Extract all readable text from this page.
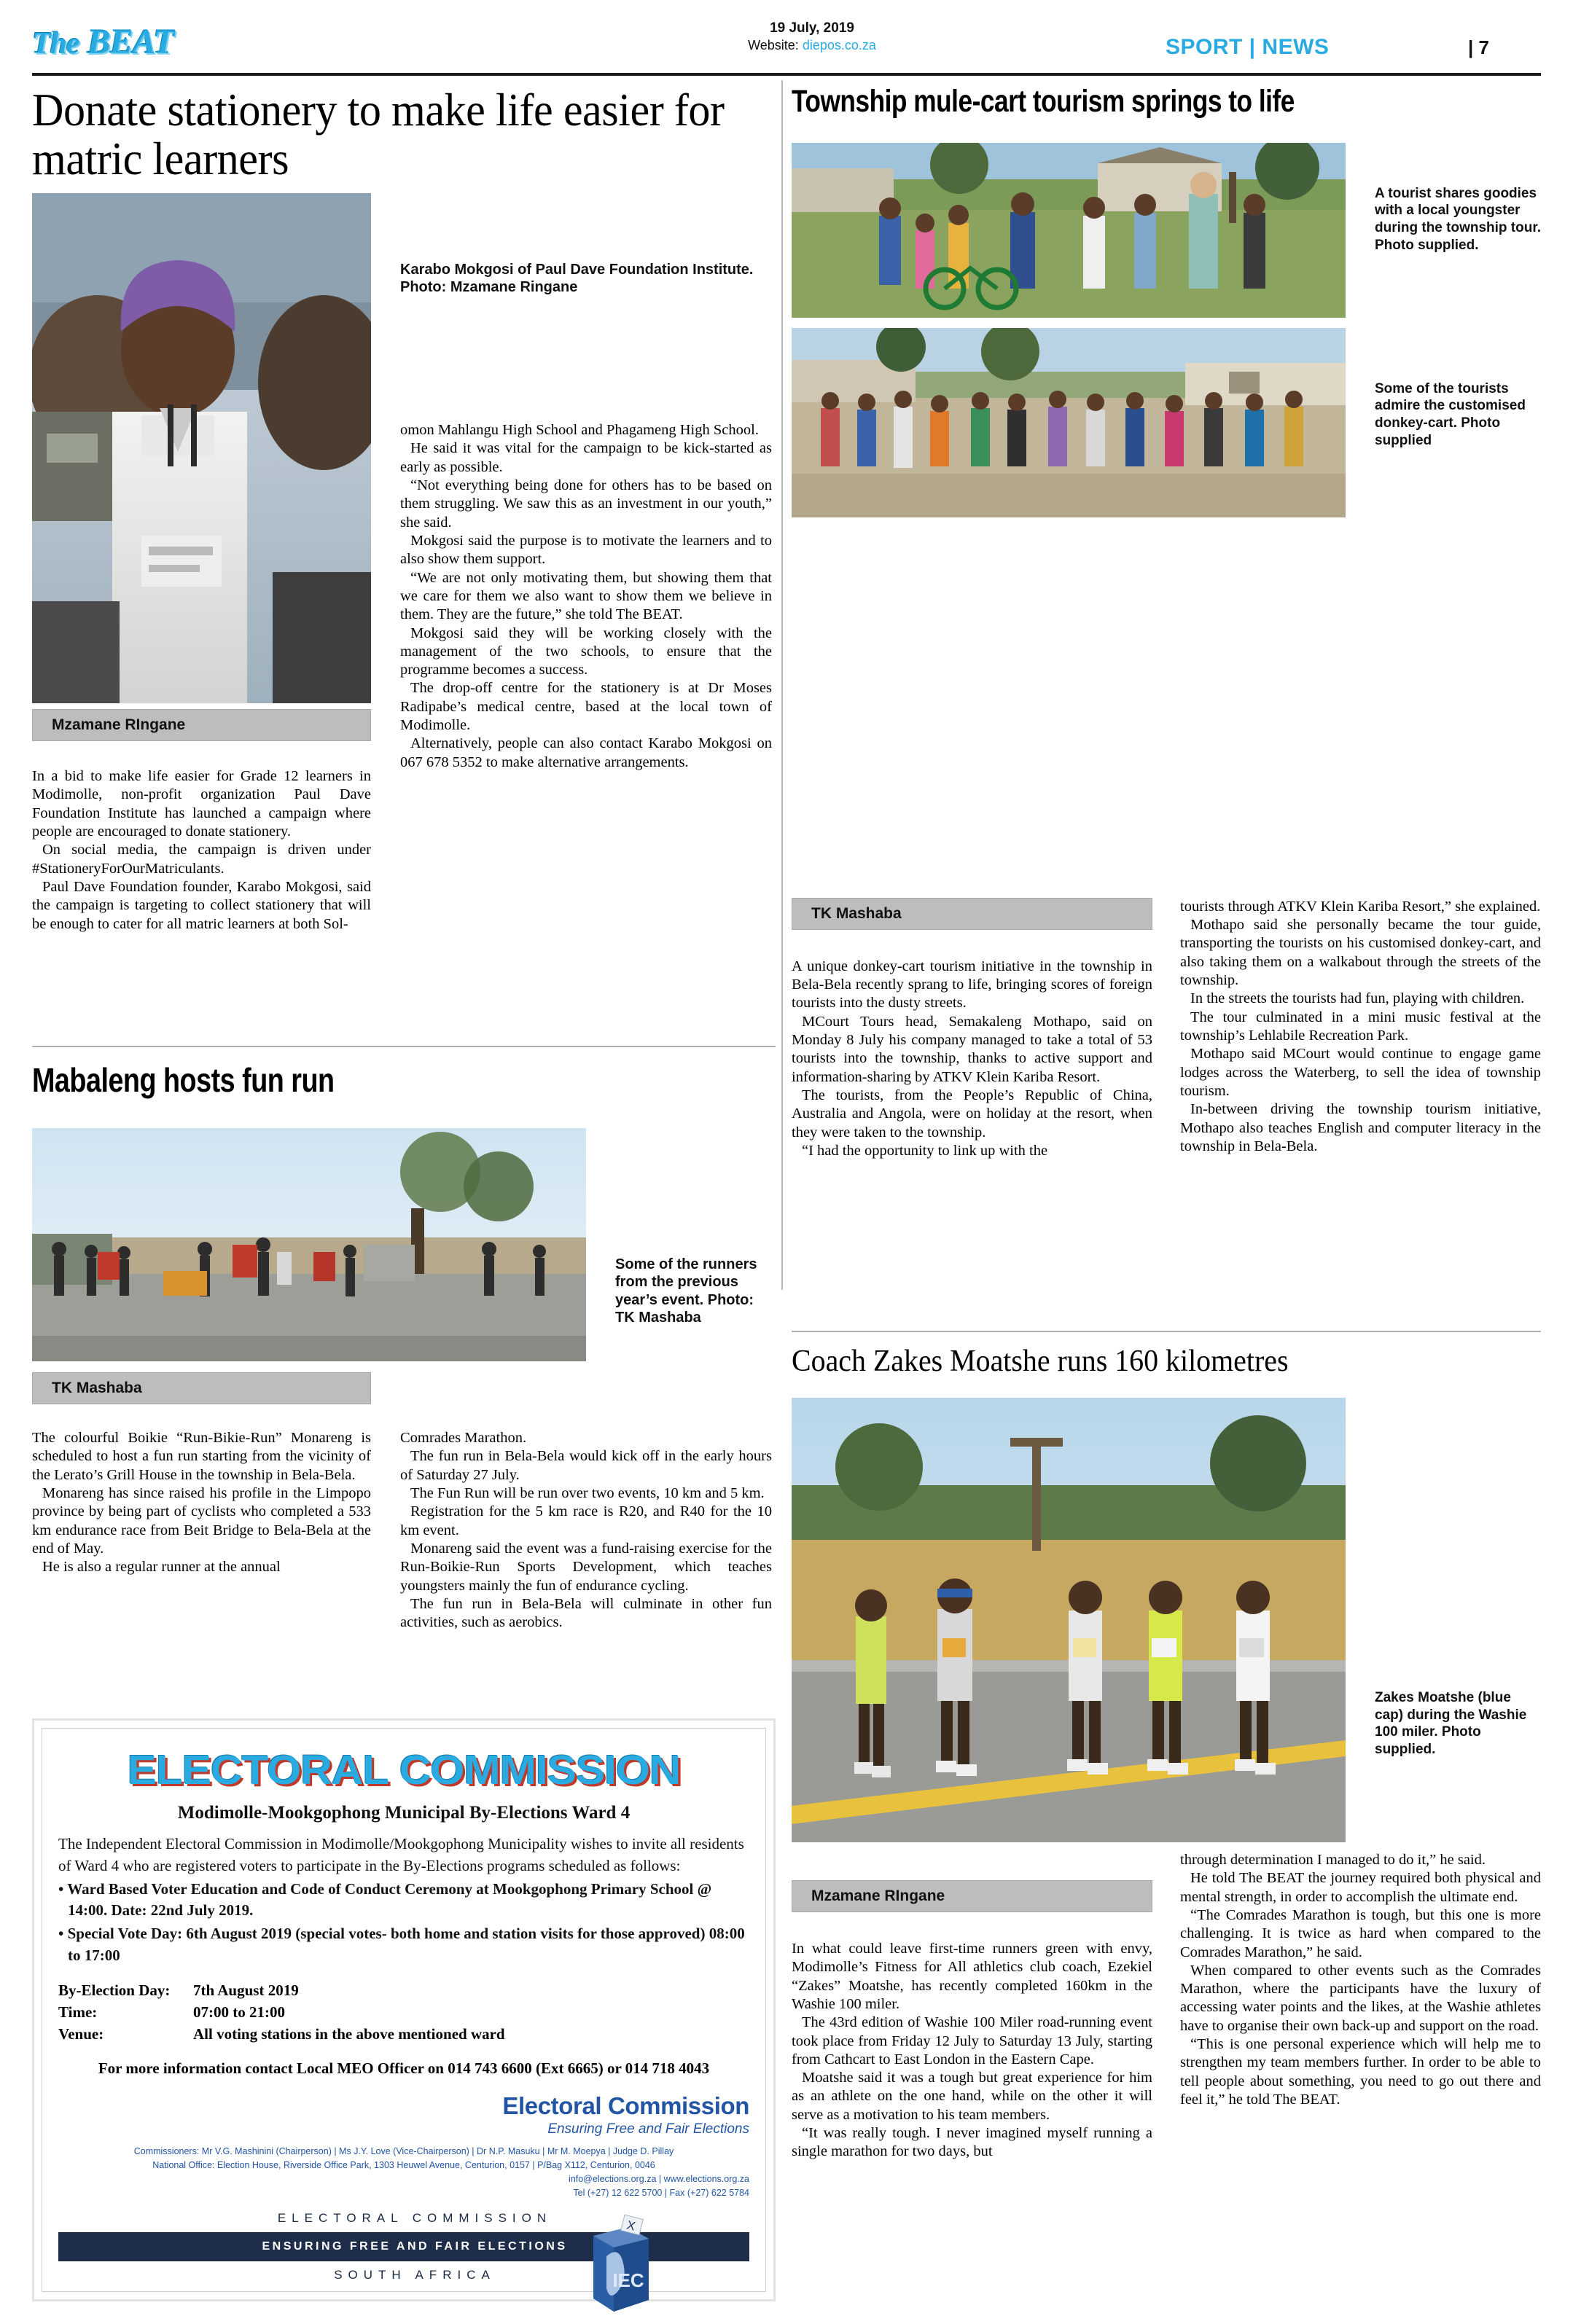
The BEAT	19 July, 2019
Website: diepos.co.za	SPORT | NEWS	| 7
Donate stationery to make life easier for matric learners
Karabo Mokgosi of Paul Dave Foundation Institute. Photo: Mzamane Ringane
Mzamane RIngane

In a bid to make life easier for Grade 12 learners in Modimolle, non-profit organization Paul Dave Foundation Institute has launched a campaign where people are encouraged to donate stationery.

On social media, the campaign is driven under #StationeryForOurMatriculants.

Paul Dave Foundation founder, Karabo Mokgosi, said the campaign is targeting to collect stationery that will be enough to cater for all matric learners at both Sol-

omon Mahlangu High School and Phagameng High School.

He said it was vital for the campaign to be kick-started as early as possible.

“Not everything being done for others has to be based on them struggling. We saw this as an investment in our youth,” she said.

Mokgosi said the purpose is to motivate the learners and to also show them support.

“We are not only motivating them, but showing them that we care for them we also want to show them we believe in them. They are the future,” she told The BEAT.

Mokgosi said they will be working closely with the management of the two schools, to ensure that the programme becomes a success.

The drop-off centre for the stationery is at Dr Moses Radipabe’s medical centre, based at the local town of Modimolle.

Alternatively, people can also contact Karabo Mokgosi on 067 678 5352 to make alternative arrangements.

Mabaleng hosts fun run
Some of the runners from the previous year’s event. Photo: TK Mashaba
TK Mashaba

The colourful Boikie “Run-Bikie-Run” Monareng is scheduled to host a fun run starting from the vicinity of the Lerato’s Grill House in the township in Bela-Bela.

Monareng has since raised his profile in the Limpopo province by being part of cyclists who completed a 533 km endurance race from Beit Bridge to Bela-Bela at the end of May.

He is also a regular runner at the annual

Comrades Marathon.

The fun run in Bela-Bela would kick off in the early hours of Saturday 27 July.

The Fun Run will be run over two events, 10 km and 5 km.

Registration for the 5 km race is R20, and R40 for the 10 km event.

Monareng said the event was a fund-raising exercise for the Run-Boikie-Run Sports Development, which teaches youngsters mainly the fun of endurance cycling.

The fun run in Bela-Bela will culminate in other fun activities, such as aerobics.

ELECTORAL COMMISSION
Modimolle-Mookgophong Municipal By-Elections Ward 4

The Independent Electoral Commission in Modimolle/Mookgophong Municipality wishes to invite all residents of Ward 4 who are registered voters to participate in the By-Elections programs scheduled as follows:

• Ward Based Voter Education and Code of Conduct Ceremony at Mookgophong Primary School @ 14:00. Date: 22nd July 2019.

• Special Vote Day: 6th August 2019 (special votes- both home and station visits for those approved) 08:00 to 17:00

By-Election Day:	7th August 2019
Time:	07:00 to 21:00
Venue:	All voting stations in the above mentioned ward
For more information contact Local MEO Officer on 014 743 6600 (Ext 6665) or 014 718 4043
Electoral Commission
Ensuring Free and Fair Elections
Commissioners: Mr V.G. Mashinini (Chairperson) | Ms J.Y. Love (Vice-Chairperson) | Dr N.P. Masuku | Mr M. Moepya | Judge D. Pillay
National Office: Election House, Riverside Office Park, 1303 Heuwel Avenue, Centurion, 0157 | P/Bag X112, Centurion, 0046
info@elections.org.za | www.elections.org.za
Tel (+27) 12 622 5700 | Fax (+27) 622 5784
ELECTORAL COMMISSION
ENSURING FREE AND FAIR ELECTIONS
SOUTH AFRICA
X
IEC
Township mule-cart tourism springs to life
A tourist shares goodies with a local youngster during the township tour. Photo supplied.
Some of the tourists admire the customised donkey-cart. Photo supplied
TK Mashaba

A unique donkey-cart tourism initiative in the township in Bela-Bela recently sprang to life, bringing scores of foreign tourists into the dusty streets.

MCourt Tours head, Semakaleng Mothapo, said on Monday 8 July his company managed to take a total of 53 tourists into the township, thanks to active support and information-sharing by ATKV Klein Kariba Resort.

The tourists, from the People’s Republic of China, Australia and Angola, were on holiday at the resort, when they were taken to the township.

“I had the opportunity to link up with the

tourists through ATKV Klein Kariba Resort,” she explained.

Mothapo said she personally became the tour guide, transporting the tourists on his customised donkey-cart, and also taking them on a walkabout through the streets of the township.

In the streets the tourists had fun, playing with children.

The tour culminated in a mini music festival at the township’s Lehlabile Recreation Park.

Mothapo said MCourt would continue to engage game lodges across the Waterberg, to sell the idea of township tourism.

In-between driving the township tourism initiative, Mothapo also teaches English and computer literacy in the township in Bela-Bela.

Coach Zakes Moatshe runs 160 kilometres
Zakes Moatshe (blue cap) during the Washie 100 miler. Photo supplied.
Mzamane RIngane

In what could leave first-time runners green with envy, Modimolle’s Fitness for All athletics club coach, Ezekiel “Zakes” Moatshe, has recently completed 160km in the Washie 100 miler.

The 43rd edition of Washie 100 Miler road-running event took place from Friday 12 July to Saturday 13 July, starting from Cathcart to East London in the Eastern Cape.

Moatshe said it was a tough but great experience for him as an athlete on the one hand, while on the other it will serve as a motivation to his team members.

“It was really tough. I never imagined myself running a single marathon for two days, but

through determination I managed to do it,” he said.

He told The BEAT the journey required both physical and mental strength, in order to accomplish the ultimate end.

“The Comrades Marathon is tough, but this one is more challenging. It is twice as hard when compared to the Comrades Marathon,” he said.

When compared to other events such as the Comrades Marathon, where the participants have the luxury of accessing water points and the likes, at the Washie athletes have to organise their own back-up and support on the road.

“This is one personal experience which will help me to strengthen my team members further. In order to be able to tell people about something, you need to go out there and feel it,” he told The BEAT.
